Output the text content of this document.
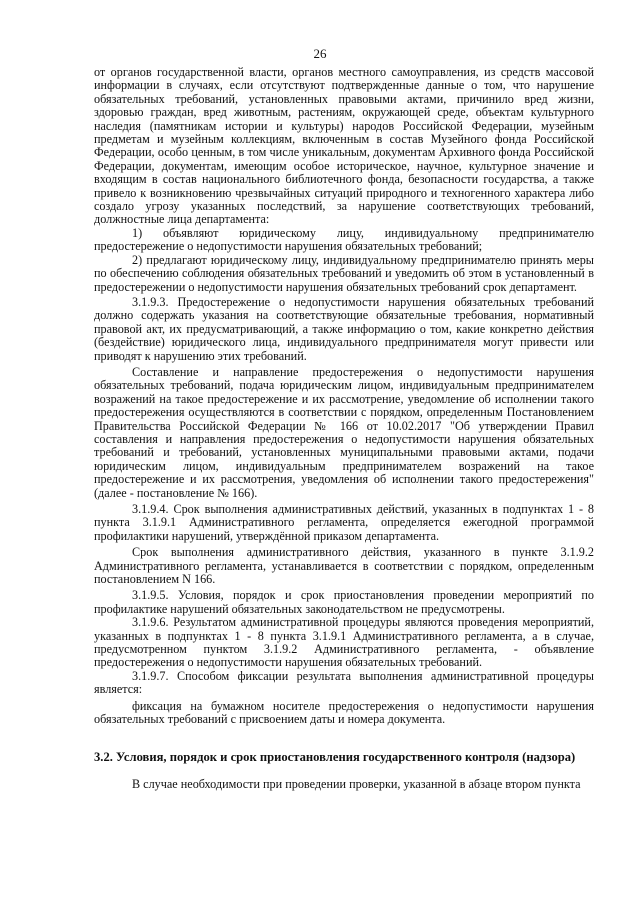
26

от органов государственной власти, органов местного самоуправления, из средств массовой информации в случаях, если отсутствуют подтвержденные данные о том, что нарушение обязательных требований, установленных правовыми актами, причинило вред жизни, здоровью граждан, вред животным, растениям, окружающей среде, объектам культурного наследия (памятникам истории и культуры) народов Российской Федерации, музейным предметам и музейным коллекциям, включенным в состав Музейного фонда Российской Федерации, особо ценным, в том числе уникальным, документам Архивного фонда Российской Федерации, документам, имеющим особое историческое, научное, культурное значение и входящим в состав национального библиотечного фонда, безопасности государства, а также привело к возникновению чрезвычайных ситуаций природного и техногенного характера либо создало угрозу указанных последствий, за нарушение соответствующих требований, должностные лица департамента:

1) объявляют юридическому лицу, индивидуальному предпринимателю предостережение о недопустимости нарушения обязательных требований;

2) предлагают юридическому лицу, индивидуальному предпринимателю принять меры по обеспечению соблюдения обязательных требований и уведомить об этом в установленный в предостережении о недопустимости нарушения обязательных требований срок департамент.

3.1.9.3. Предостережение о недопустимости нарушения обязательных требований должно содержать указания на соответствующие обязательные требования, нормативный правовой акт, их предусматривающий, а также информацию о том, какие конкретно действия (бездействие) юридического лица, индивидуального предпринимателя могут привести или приводят к нарушению этих требований.

Составление и направление предостережения о недопустимости нарушения обязательных требований, подача юридическим лицом, индивидуальным предпринимателем возражений на такое предостережение и их рассмотрение, уведомление об исполнении такого предостережения осуществляются в соответствии с порядком, определенным Постановлением Правительства Российской Федерации № 166 от 10.02.2017 "Об утверждении Правил составления и направления предостережения о недопустимости нарушения обязательных требований и требований, установленных муниципальными правовыми актами, подачи юридическим лицом, индивидуальным предпринимателем возражений на такое предостережение и их рассмотрения, уведомления об исполнении такого предостережения" (далее - постановление № 166).

3.1.9.4. Срок выполнения административных действий, указанных в подпунктах 1 - 8 пункта 3.1.9.1 Административного регламента, определяется ежегодной программой профилактики нарушений, утверждённой приказом департамента.

Срок выполнения административного действия, указанного в пункте 3.1.9.2 Административного регламента, устанавливается в соответствии с порядком, определенным постановлением N 166.

3.1.9.5. Условия, порядок и срок приостановления проведении мероприятий по профилактике нарушений обязательных законодательством не предусмотрены.

3.1.9.6. Результатом административной процедуры являются проведения мероприятий, указанных в подпунктах 1 - 8 пункта 3.1.9.1 Административного регламента, а в случае, предусмотренном пунктом 3.1.9.2 Административного регламента, - объявление предостережения о недопустимости нарушения обязательных требований.

3.1.9.7. Способом фиксации результата выполнения административной процедуры является:

фиксация на бумажном носителе предостережения о недопустимости нарушения обязательных требований с присвоением даты и номера документа.

3.2. Условия, порядок и срок приостановления государственного контроля (надзора)

В случае необходимости при проведении проверки, указанной в абзаце втором пункта
